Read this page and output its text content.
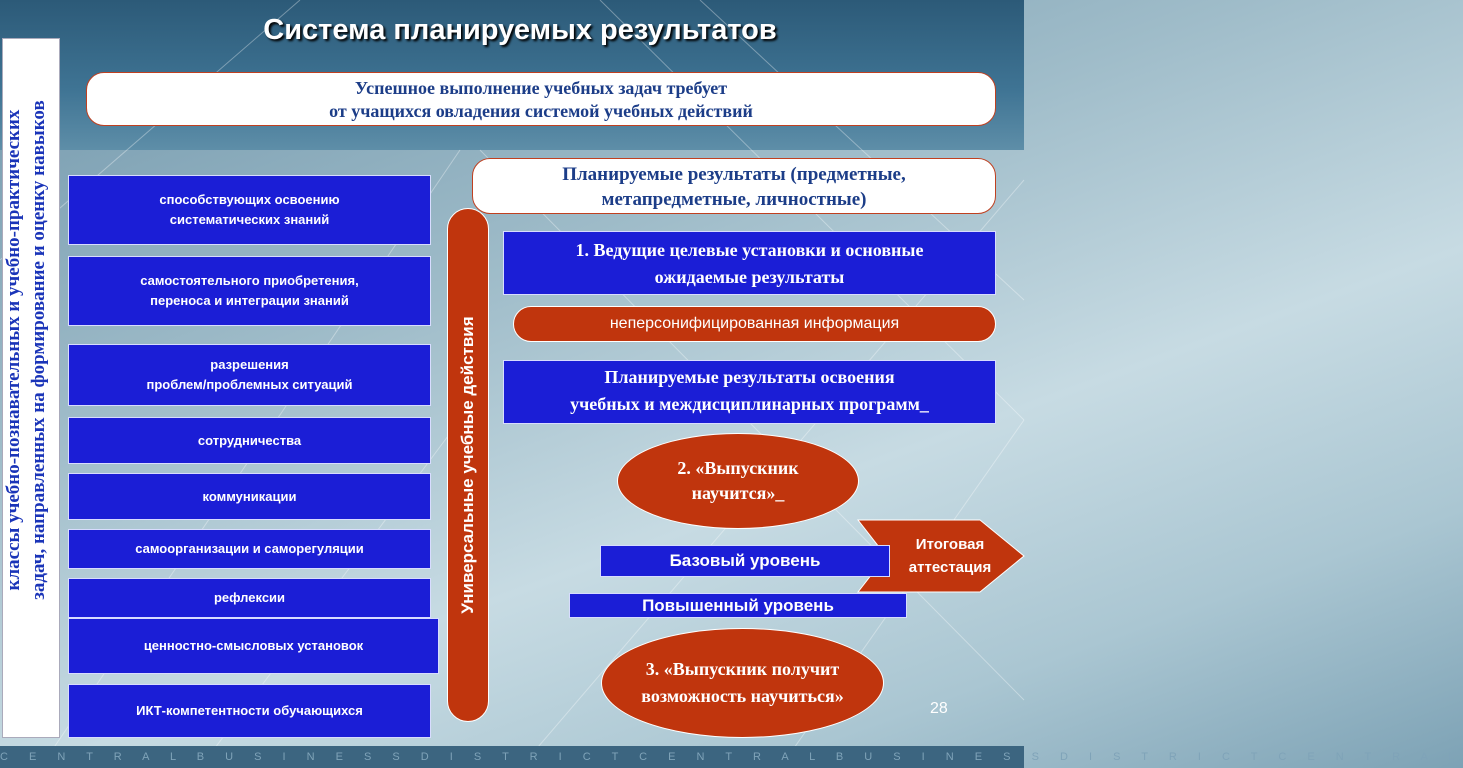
Система планируемых результатов
Успешное выполнение учебных задач требует
от учащихся овладения системой учебных действий
классы учебно-познавательных и учебно-практических задач, направленных на формирование и оценку навыков	способствующих освоению
систематических знаний
самостоятельного приобретения,
переноса и интеграции знаний
разрешения
проблем/проблемных ситуаций
сотрудничества
коммуникации
самоорганизации и саморегуляции
рефлексии
ценностно-смысловых установок
ИКТ-компетентности обучающихся
Универсальные учебные действия
Планируемые результаты (предметные,
метапредметные, личностные)
1. Ведущие целевые установки и основные
ожидаемые результаты
неперсонифицированная информация
Планируемые результаты освоения
учебных и междисциплинарных программ_
2. «Выпускник
научится»_
Итоговая
аттестация
Базовый уровень
Повышенный уровень
3. «Выпускник получит
возможность научиться»
28
C E N T R A L B U S I N E S S D I S T R I C T C E N T R A L B U S I N E S S D I S T R I C T C E N T R A L
